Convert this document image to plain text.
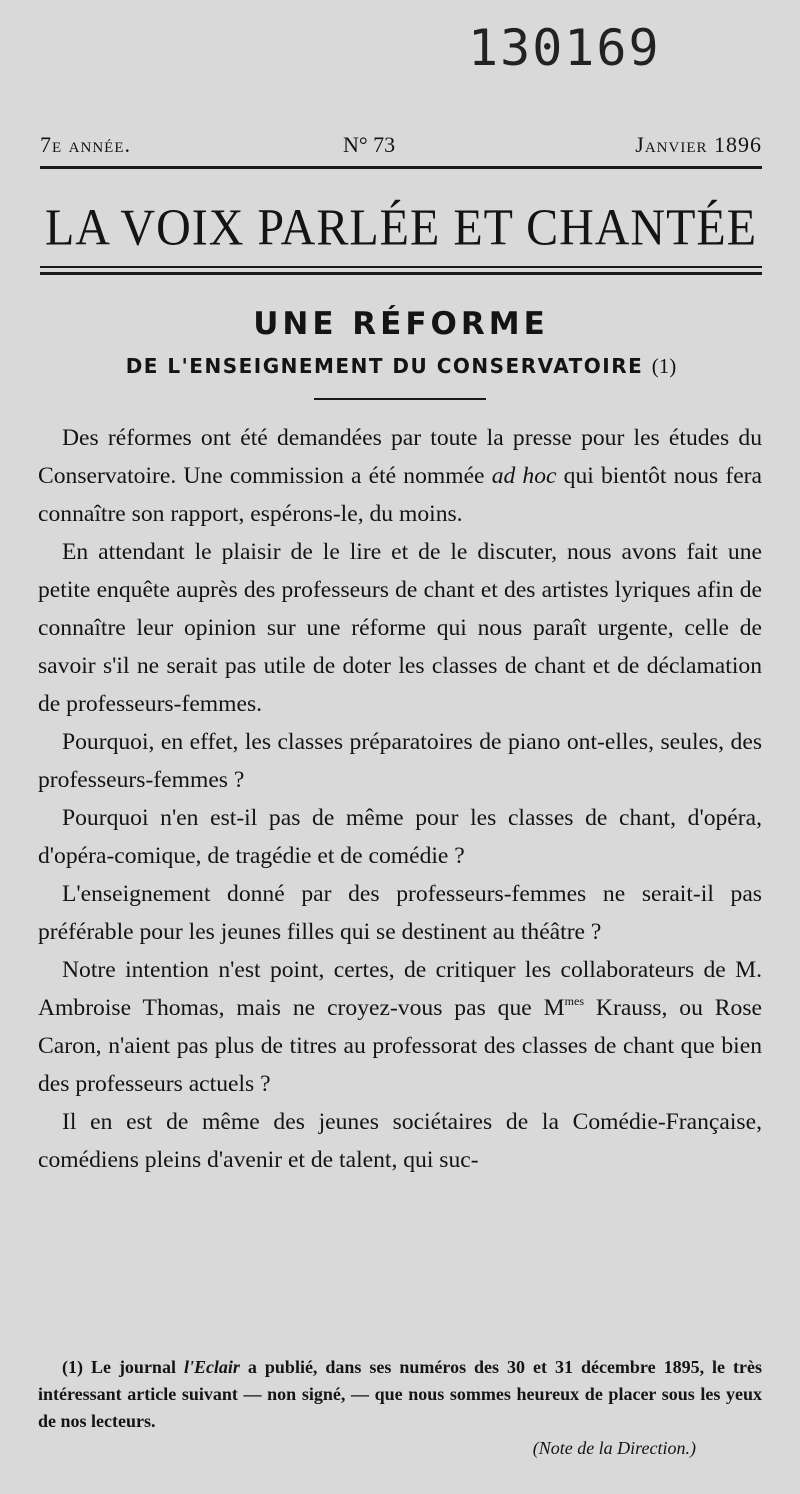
130169
7e année.	N° 73	Janvier 1896
LA VOIX PARLÉE ET CHANTÉE
UNE RÉFORME
DE L'ENSEIGNEMENT DU CONSERVATOIRE (1)

Des réformes ont été demandées par toute la presse pour les études du Conservatoire. Une commission a été nommée ad hoc qui bientôt nous fera connaître son rapport, espérons-le, du moins.

En attendant le plaisir de le lire et de le discuter, nous avons fait une petite enquête auprès des professeurs de chant et des artistes lyriques afin de connaître leur opinion sur une réforme qui nous paraît urgente, celle de savoir s'il ne serait pas utile de doter les classes de chant et de déclamation de professeurs-femmes.

Pourquoi, en effet, les classes préparatoires de piano ont-elles, seules, des professeurs-femmes ?

Pourquoi n'en est-il pas de même pour les classes de chant, d'opéra, d'opéra-comique, de tragédie et de comédie ?

L'enseignement donné par des professeurs-femmes ne serait-il pas préférable pour les jeunes filles qui se destinent au théâtre ?

Notre intention n'est point, certes, de critiquer les collaborateurs de M. Ambroise Thomas, mais ne croyez-vous pas que $M^{mes}$ Krauss, ou Rose Caron, n'aient pas plus de titres au professorat des classes de chant que bien des professeurs actuels ?

Il en est de même des jeunes sociétaires de la Comédie-Française, comédiens pleins d'avenir et de talent, qui suc-

(1) Le journal l'Eclair a publié, dans ses numéros des 30 et 31 décembre 1895, le très intéressant article suivant — non signé, — que nous sommes heureux de placer sous les yeux de nos lecteurs.

(Note de la Direction.)
